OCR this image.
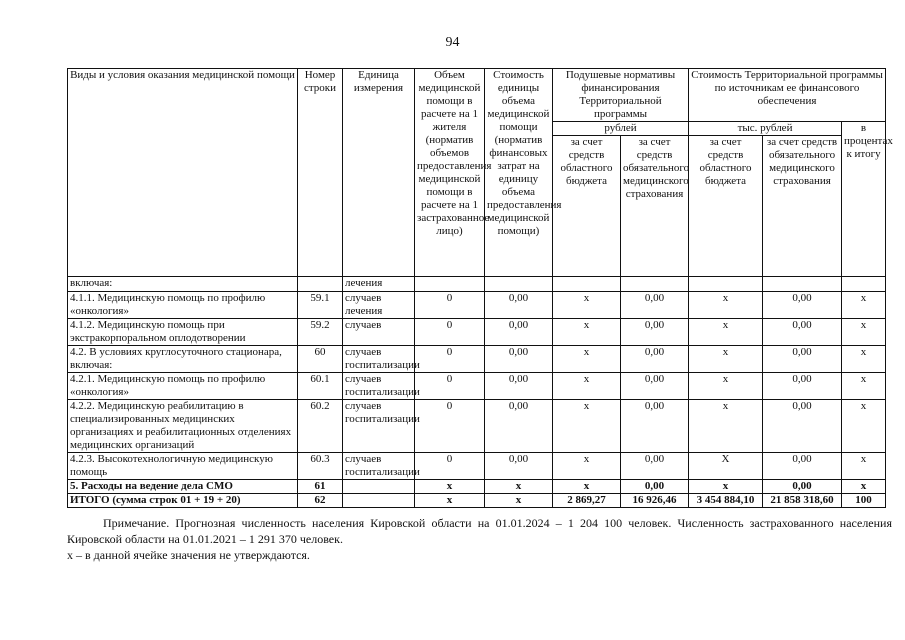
94
Виды и условия оказания медицинской помощи	Номер строки	Единица измерения	Объем медицинской помощи в расчете на 1 жителя (норматив объемов предоставления медицинской помощи в расчете на 1 застрахованное лицо)	Стоимость единицы объема медицинской помощи (норматив финансовых затрат на единицу объема предоставления медицинской помощи)	Подушевые нормативы финансирования Территориальной программы		Стоимость Территориальной программы по источникам ее финансового обеспечения		
					рублей		тыс. рублей		в процентах к итогу
					за счет средств областного бюджета	за счет средств обязательного медицинского страхования	за счет средств областного бюджета	за счет средств обязательного медицинского страхования	
включая:		лечения							
4.1.1. Медицинскую помощь по профилю «онкология»	59.1	случаев лечения	0	0,00	x	0,00	x	0,00	x
4.1.2. Медицинскую помощь при экстракорпоральном оплодотворении	59.2	случаев	0	0,00	x	0,00	x	0,00	x
4.2. В условиях круглосуточного стационара, включая:	60	случаев госпитализации	0	0,00	x	0,00	x	0,00	x
4.2.1. Медицинскую помощь по профилю «онкология»	60.1	случаев госпитализации	0	0,00	x	0,00	x	0,00	x
4.2.2. Медицинскую реабилитацию в специализированных медицинских организациях и реабилитационных отделениях медицинских организаций	60.2	случаев госпитализации	0	0,00	x	0,00	x	0,00	x
4.2.3. Высокотехнологичную медицинскую помощь	60.3	случаев госпитализации	0	0,00	x	0,00	X	0,00	x
5. Расходы на ведение дела СМО	61		x	x	x	0,00	x	0,00	x
ИТОГО (сумма строк 01 + 19 + 20)	62		x	x	2 869,27	16 926,46	3 454 884,10	21 858 318,60	100
Примечание. Прогнозная численность населения Кировской области на 01.01.2024 – 1 204 100 человек. Численность застрахованного населения Кировской области на 01.01.2021 – 1 291 370 человек.
х – в данной ячейке значения не утверждаются.
